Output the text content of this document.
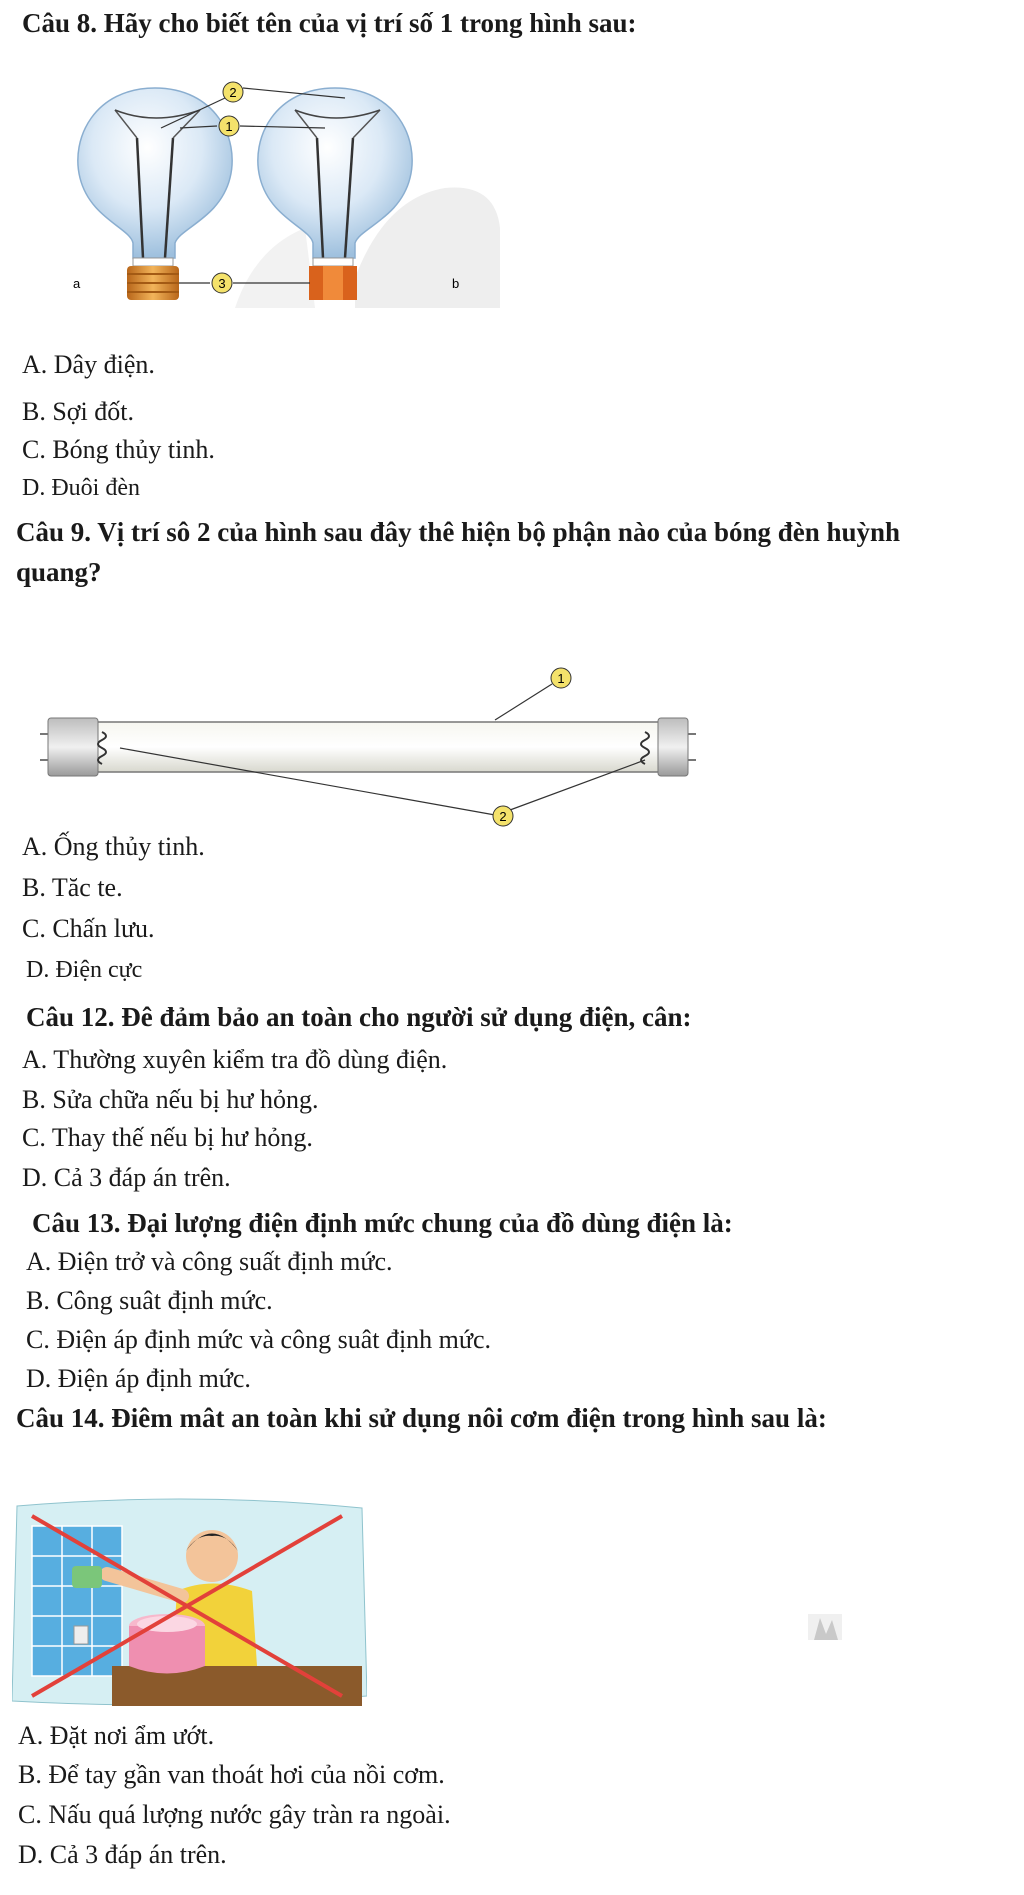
Câu 8. Hãy cho biết tên của vị trí số 1 trong hình sau:
2
1
3
a	b
A. Dây điện.
B. Sợi đốt.
C. Bóng thủy tinh.
D. Đuôi đèn
Câu 9. Vị trí sô 2 của hình sau đây thê hiện bộ phận nào của bóng đèn huỳnh
quang?
1
2
A. Ống thủy tinh.
B. Tăc te.
C. Chấn lưu.
D. Điện cực
Câu 12. Đê đảm bảo an toàn cho người sử dụng điện, cân:
A. Thường xuyên kiểm tra đồ dùng điện.
B. Sửa chữa nếu bị hư hỏng.
C. Thay thế nếu bị hư hỏng.
D. Cả 3 đáp án trên.
Câu 13. Đại lượng điện định mức chung của đồ dùng điện là:
A. Điện trở và công suất định mức.
B. Công suât định mức.
C. Điện áp định mức và công suât định mức.
D. Điện áp định mức.
Câu 14. Điêm mât an toàn khi sử dụng nôi cơm điện trong hình sau là:
A. Đặt nơi ẩm ướt.
B. Để tay gần van thoát hơi của nồi cơm.
C. Nấu quá lượng nước gây tràn ra ngoài.
D. Cả 3 đáp án trên.
